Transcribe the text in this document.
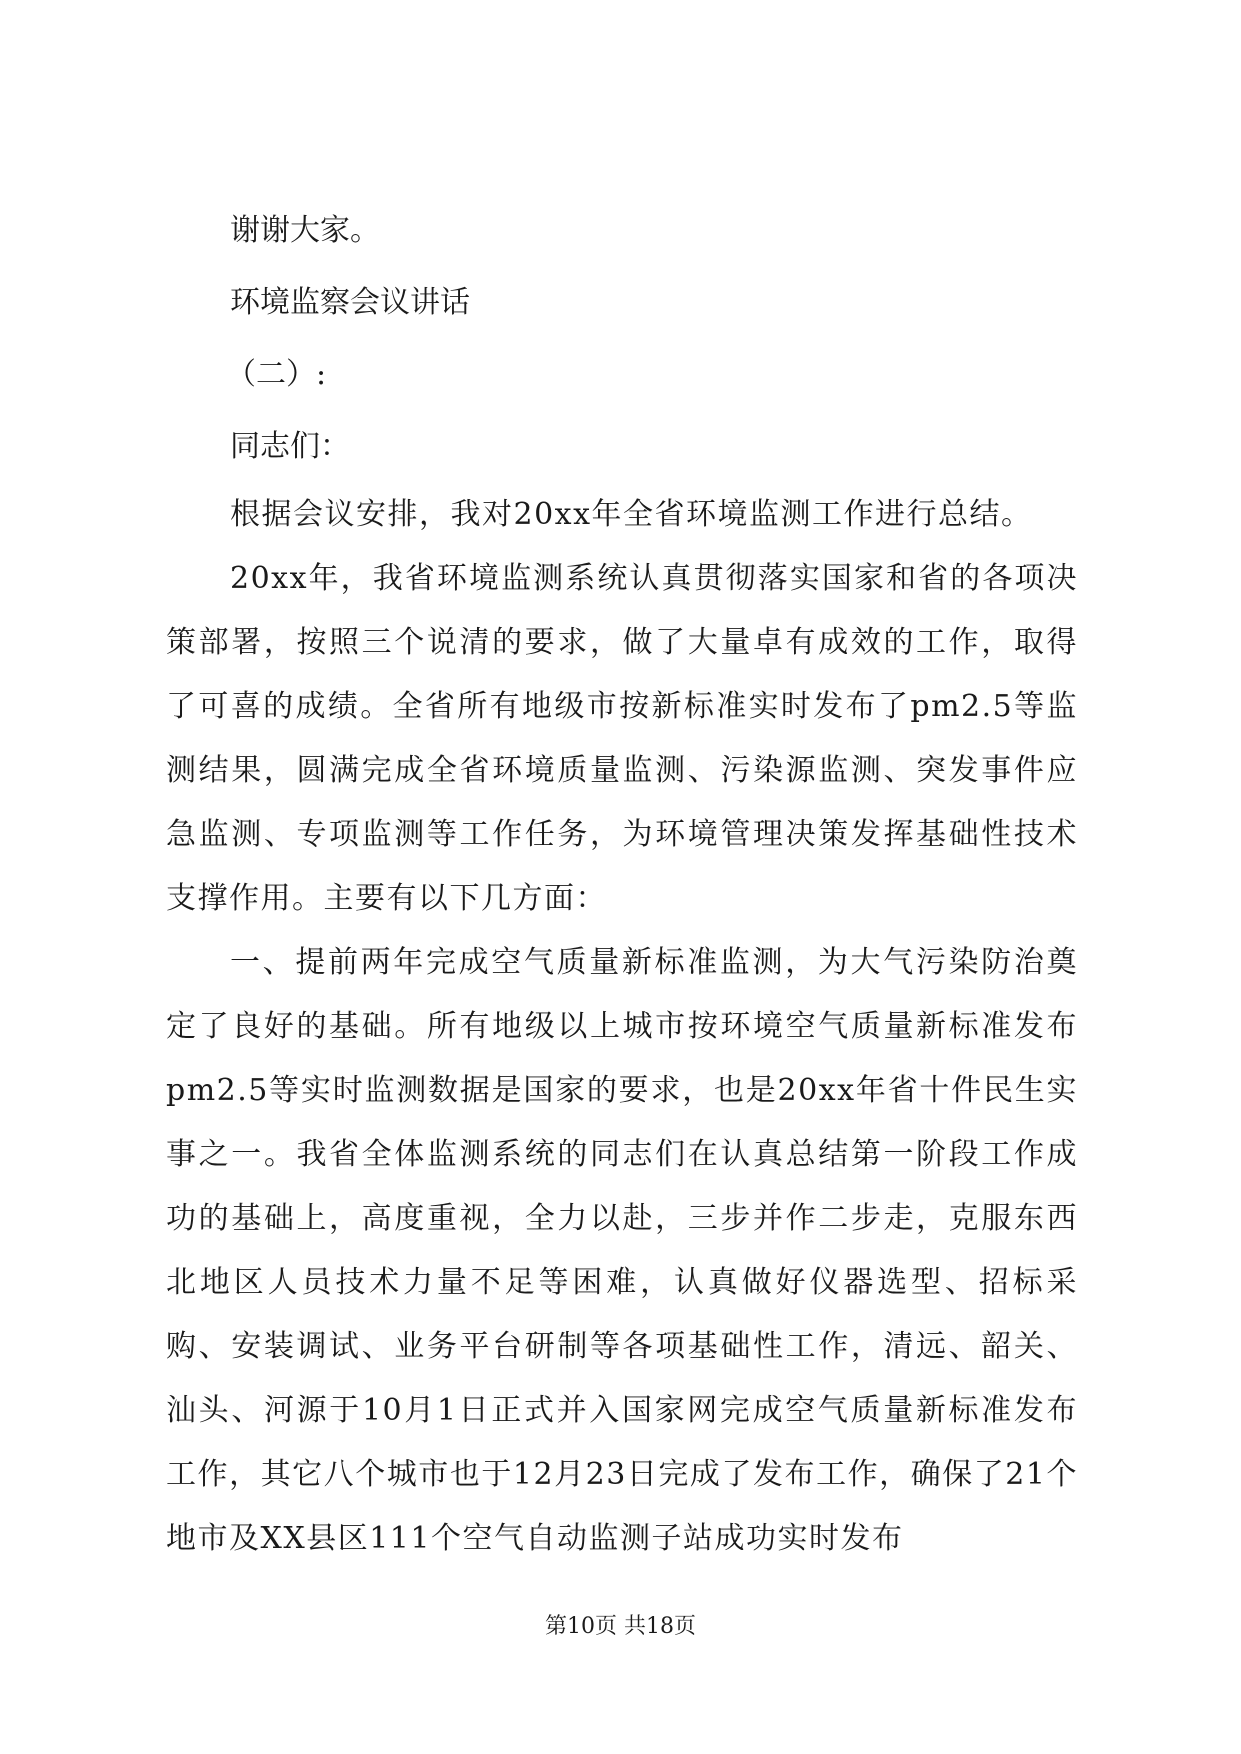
谢谢大家。
环境监察会议讲话
（二）:
同志们：

根据会议安排，我对20xx年全省环境监测工作进行总结。

20xx年，我省环境监测系统认真贯彻落实国家和省的各项决策部署，按照三个说清的要求，做了大量卓有成效的工作，取得了可喜的成绩。全省所有地级市按新标准实时发布了pm2.5等监测结果，圆满完成全省环境质量监测、污染源监测、突发事件应急监测、专项监测等工作任务，为环境管理决策发挥基础性技术支撑作用。主要有以下几方面：

一、提前两年完成空气质量新标准监测，为大气污染防治奠定了良好的基础。所有地级以上城市按环境空气质量新标准发布pm2.5等实时监测数据是国家的要求，也是20xx年省十件民生实事之一。我省全体监测系统的同志们在认真总结第一阶段工作成功的基础上，高度重视，全力以赴，三步并作二步走，克服东西北地区人员技术力量不足等困难，认真做好仪器选型、招标采购、安装调试、业务平台研制等各项基础性工作，清远、韶关、汕头、河源于10月1日正式并入国家网完成空气质量新标准发布工作，其它八个城市也于12月23日完成了发布工作，确保了21个地市及XX县区111个空气自动监测子站成功实时发布

第10页 共18页
